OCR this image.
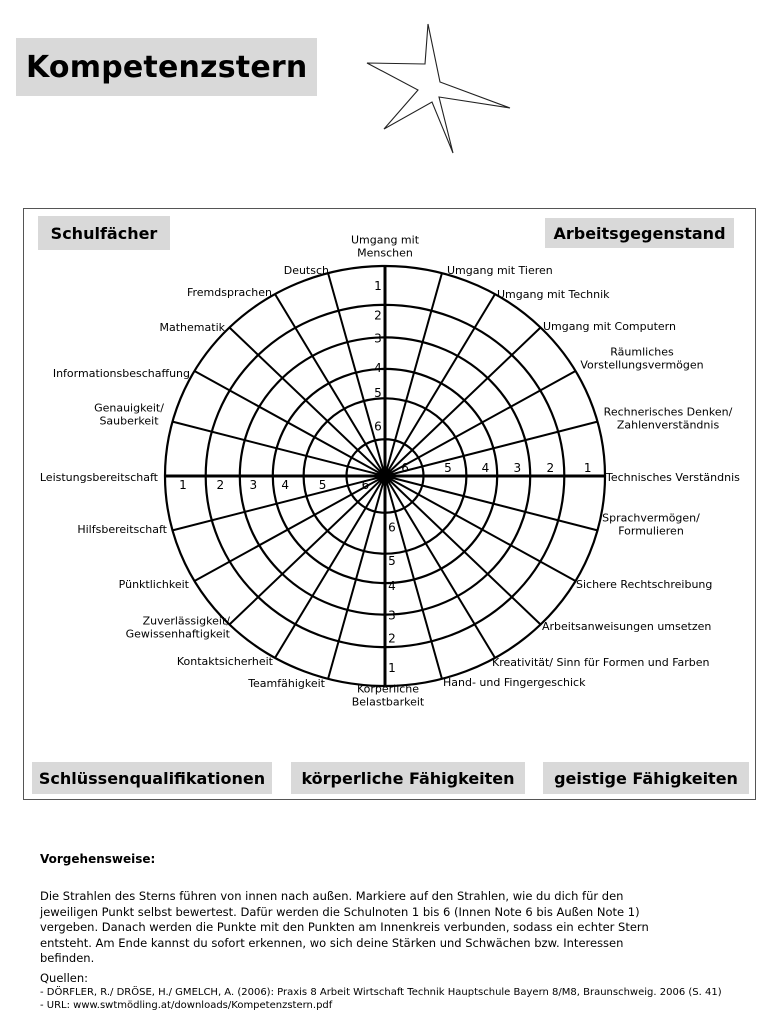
Kompetenzstern
Schulfächer	Arbeitsgegenstand
Schlüssenqualifikationen	körperliche Fähigkeiten	geistige Fähigkeiten
Umgang mit Menschen
Umgang mit Tieren
Umgang mit Technik
Umgang mit Computern
Räumliches Vorstellungsvermögen
Rechnerisches Denken/ Zahlenverständnis
Technisches Verständnis
Sprachvermögen/ Formulieren
Sichere Rechtschreibung
Arbeitsanweisungen umsetzen
Kreativität/ Sinn für Formen und Farben
Hand- und Fingergeschick
Körperliche Belastbarkeit
Teamfähigkeit
Kontaktsicherheit
Zuverlässigkeit/ Gewissenhaftigkeit
Pünktlichkeit
Hilfsbereitschaft
Leistungsbereitschaft
Genauigkeit/ Sauberkeit
Informationsbeschaffung
Mathematik
Fremdsprachen
Deutsch
1
1
1
1
2
2
2
2
3
3
3
3
4
4
4
4
5
5
5
5
6
6
6
6
Vorgehensweise:

Die Strahlen des Sterns führen von innen nach außen. Markiere auf den Strahlen, wie du dich für den jeweiligen Punkt selbst bewertest. Dafür werden die Schulnoten 1 bis 6 (Innen Note 6 bis Außen Note 1) vergeben. Danach werden die Punkte mit den Punkten am Innenkreis verbunden, sodass ein echter Stern entsteht. Am Ende kannst du sofort erkennen, wo sich deine Stärken und Schwächen bzw. Interessen befinden.

Quellen:
- DÖRFLER, R./ DRÖSE, H./ GMELCH, A. (2006): Praxis 8 Arbeit Wirtschaft Technik Hauptschule Bayern 8/M8, Braunschweig. 2006 (S. 41)
- URL: www.swtmödling.at/downloads/Kompetenzstern.pdf
